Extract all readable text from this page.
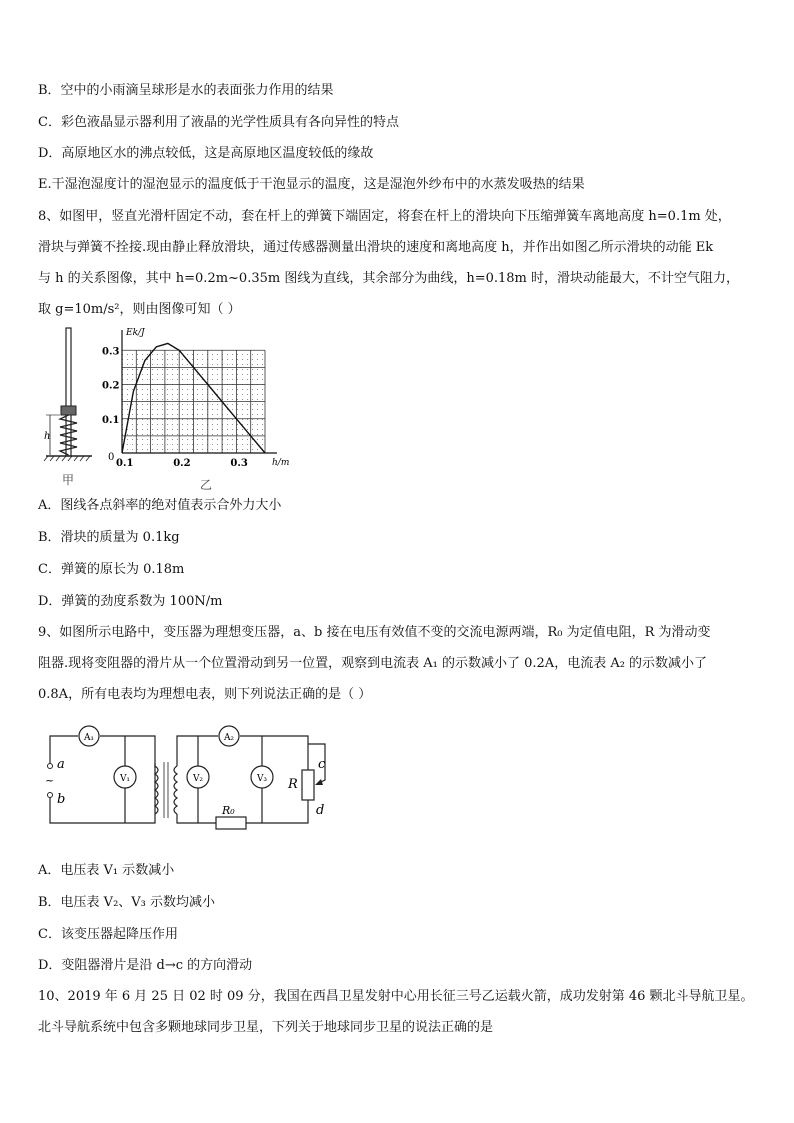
B．空中的小雨滴呈球形是水的表面张力作用的结果
C．彩色液晶显示器利用了液晶的光学性质具有各向异性的特点
D．高原地区水的沸点较低，这是高原地区温度较低的缘故
E.干湿泡湿度计的湿泡显示的温度低于干泡显示的温度，这是湿泡外纱布中的水蒸发吸热的结果
8、如图甲，竖直光滑杆固定不动，套在杆上的弹簧下端固定，将套在杆上的滑块向下压缩弹簧车离地高度 h=0.1m 处，
滑块与弹簧不拴接.现由静止释放滑块，通过传感器测量出滑块的速度和离地高度 h，并作出如图乙所示滑块的动能 Ek
与 h 的关系图像，其中 h=0.2m~0.35m 图线为直线，其余部分为曲线，h=0.18m 时，滑块动能最大，不计空气阻力，
取 g=10m/s²，则由图像可知（ ）
h
甲
0.1	0.2	0.3
0.1
0.2
0.3
Ek/J
h/m
0
乙
A．图线各点斜率的绝对值表示合外力大小
B．滑块的质量为 0.1kg
C．弹簧的原长为 0.18m
D．弹簧的劲度系数为 100N/m
9、如图所示电路中，变压器为理想变压器，a、b 接在电压有效值不变的交流电源两端，R₀ 为定值电阻，R 为滑动变
阻器.现将变阻器的滑片从一个位置滑动到另一位置，观察到电流表 A₁ 的示数减小了 0.2A，电流表 A₂ 的示数减小了
0.8A，所有电表均为理想电表，则下列说法正确的是（ ）
a
b
R
c
d
R₀
~
A₁	A₂
V₁	V₂	V₃
A．电压表 V₁ 示数减小
B．电压表 V₂、V₃ 示数均减小
C．该变压器起降压作用
D．变阻器滑片是沿 d→c 的方向滑动
10、2019 年 6 月 25 日 02 时 09 分，我国在西昌卫星发射中心用长征三号乙运载火箭，成功发射第 46 颗北斗导航卫星。
北斗导航系统中包含多颗地球同步卫星，下列关于地球同步卫星的说法正确的是
